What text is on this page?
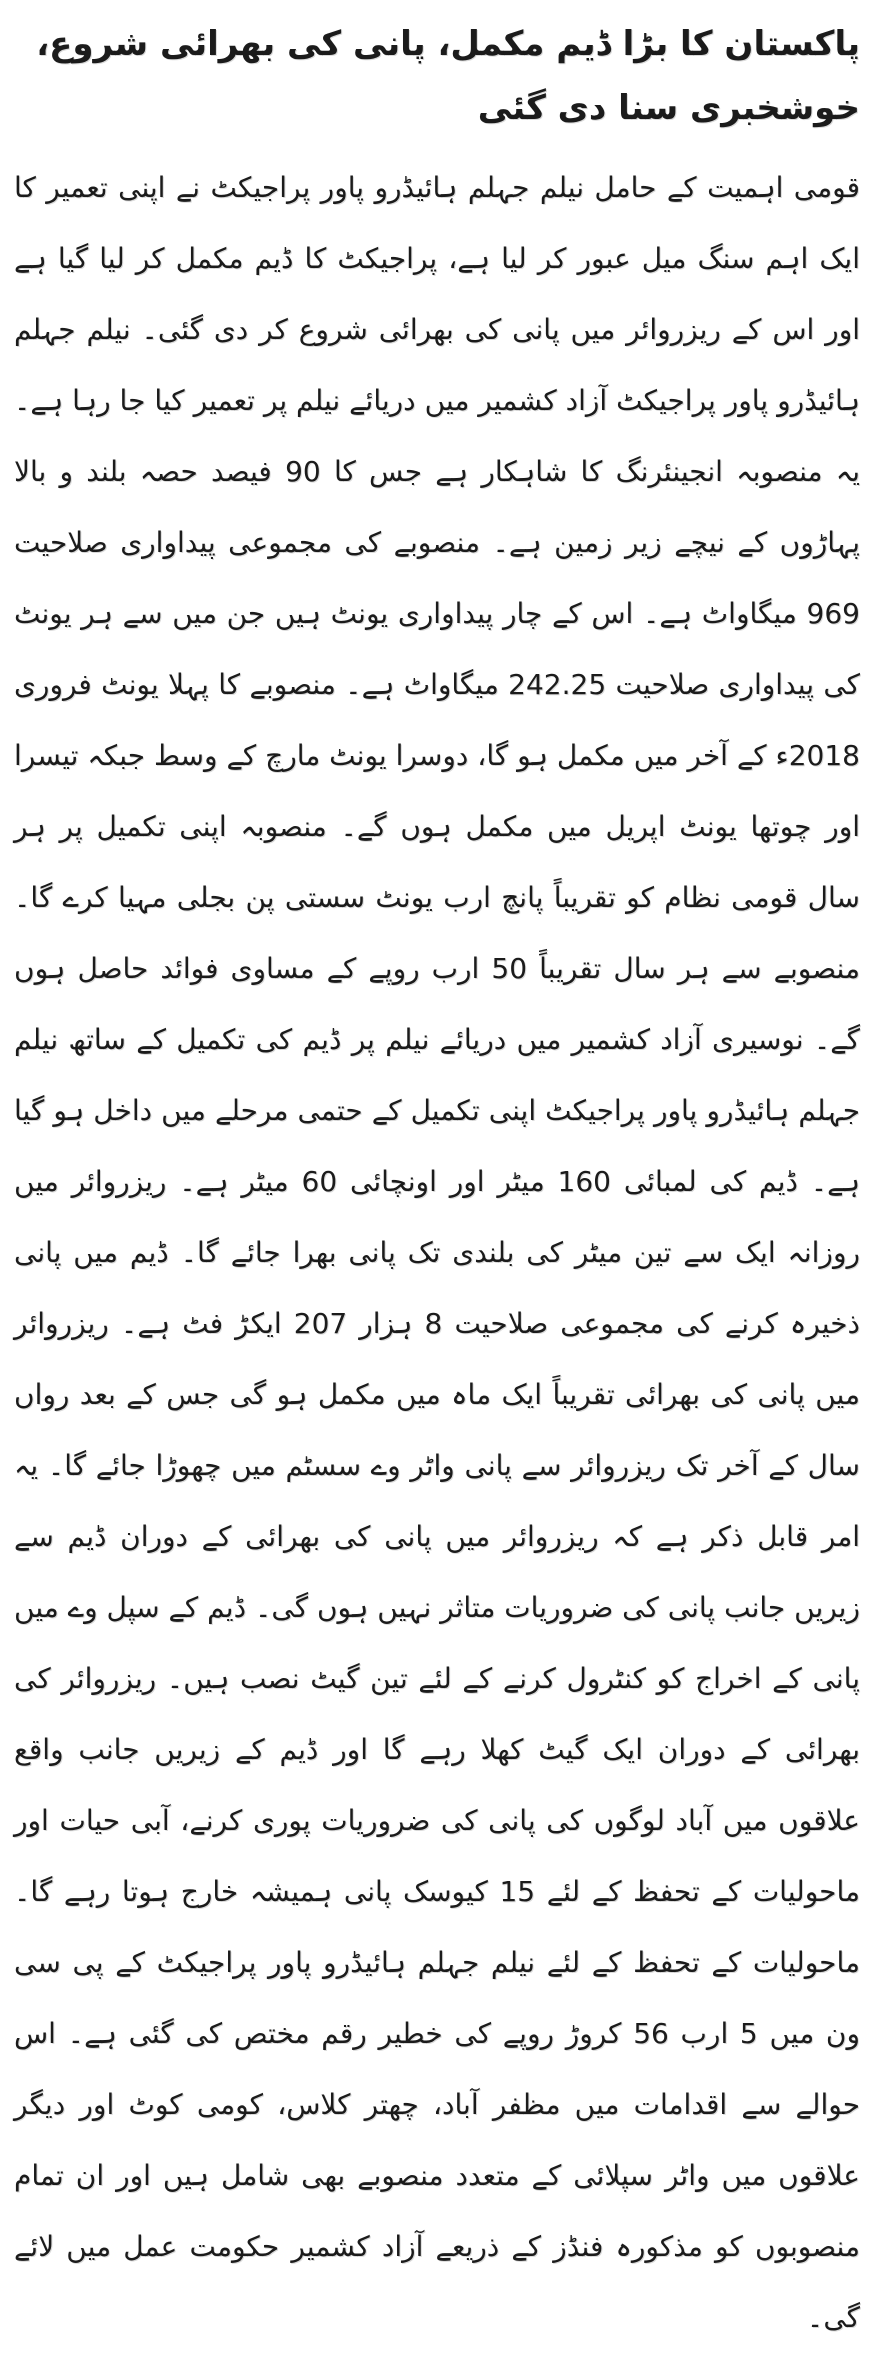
پاکستان کا بڑا ڈیم مکمل، پانی کی بھرائی شروع، خوشخبری سنا دی گئی

قومی اہمیت کے حامل نیلم جہلم ہائیڈرو پاور پراجیکٹ نے اپنی تعمیر کا ایک اہم سنگ میل عبور کر لیا ہے، پراجیکٹ کا ڈیم مکمل کر لیا گیا ہے اور اس کے ریزروائر میں پانی کی بھرائی شروع کر دی گئی۔ نیلم جہلم ہائیڈرو پاور پراجیکٹ آزاد کشمیر میں دریائے نیلم پر تعمیر کیا جا رہا ہے۔ یہ منصوبہ انجینئرنگ کا شاہکار ہے جس کا 90 فیصد حصہ بلند و بالا پہاڑوں کے نیچے زیر زمین ہے۔ منصوبے کی مجموعی پیداواری صلاحیت 969 میگاواٹ ہے۔ اس کے چار پیداواری یونٹ ہیں جن میں سے ہر یونٹ کی پیداواری صلاحیت 242.25 میگاواٹ ہے۔ منصوبے کا پہلا یونٹ فروری 2018ء کے آخر میں مکمل ہو گا، دوسرا یونٹ مارچ کے وسط جبکہ تیسرا اور چوتھا یونٹ اپریل میں مکمل ہوں گے۔ منصوبہ اپنی تکمیل پر ہر سال قومی نظام کو تقریباً پانچ ارب یونٹ سستی پن بجلی مہیا کرے گا۔ منصوبے سے ہر سال تقریباً 50 ارب روپے کے مساوی فوائد حاصل ہوں گے۔ نوسیری آزاد کشمیر میں دریائے نیلم پر ڈیم کی تکمیل کے ساتھ نیلم جہلم ہائیڈرو پاور پراجیکٹ اپنی تکمیل کے حتمی مرحلے میں داخل ہو گیا ہے۔ ڈیم کی لمبائی 160 میٹر اور اونچائی 60 میٹر ہے۔ ریزروائر میں روزانہ ایک سے تین میٹر کی بلندی تک پانی بھرا جائے گا۔ ڈیم میں پانی ذخیرہ کرنے کی مجموعی صلاحیت 8 ہزار 207 ایکڑ فٹ ہے۔ ریزروائر میں پانی کی بھرائی تقریباً ایک ماہ میں مکمل ہو گی جس کے بعد رواں سال کے آخر تک ریزروائر سے پانی واٹر وے سسٹم میں چھوڑا جائے گا۔ یہ امر قابل ذکر ہے کہ ریزروائر میں پانی کی بھرائی کے دوران ڈیم سے زیریں جانب پانی کی ضروریات متاثر نہیں ہوں گی۔ ڈیم کے سپل وے میں پانی کے اخراج کو کنٹرول کرنے کے لئے تین گیٹ نصب ہیں۔ ریزروائر کی بھرائی کے دوران ایک گیٹ کھلا رہے گا اور ڈیم کے زیریں جانب واقع علاقوں میں آباد لوگوں کی پانی کی ضروریات پوری کرنے، آبی حیات اور ماحولیات کے تحفظ کے لئے 15 کیوسک پانی ہمیشہ خارج ہوتا رہے گا۔ ماحولیات کے تحفظ کے لئے نیلم جہلم ہائیڈرو پاور پراجیکٹ کے پی سی ون میں 5 ارب 56 کروڑ روپے کی خطیر رقم مختص کی گئی ہے۔ اس حوالے سے اقدامات میں مظفر آباد، چھتر کلاس، کومی کوٹ اور دیگر علاقوں میں واٹر سپلائی کے متعدد منصوبے بھی شامل ہیں اور ان تمام منصوبوں کو مذکورہ فنڈز کے ذریعے آزاد کشمیر حکومت عمل میں لائے گی۔
